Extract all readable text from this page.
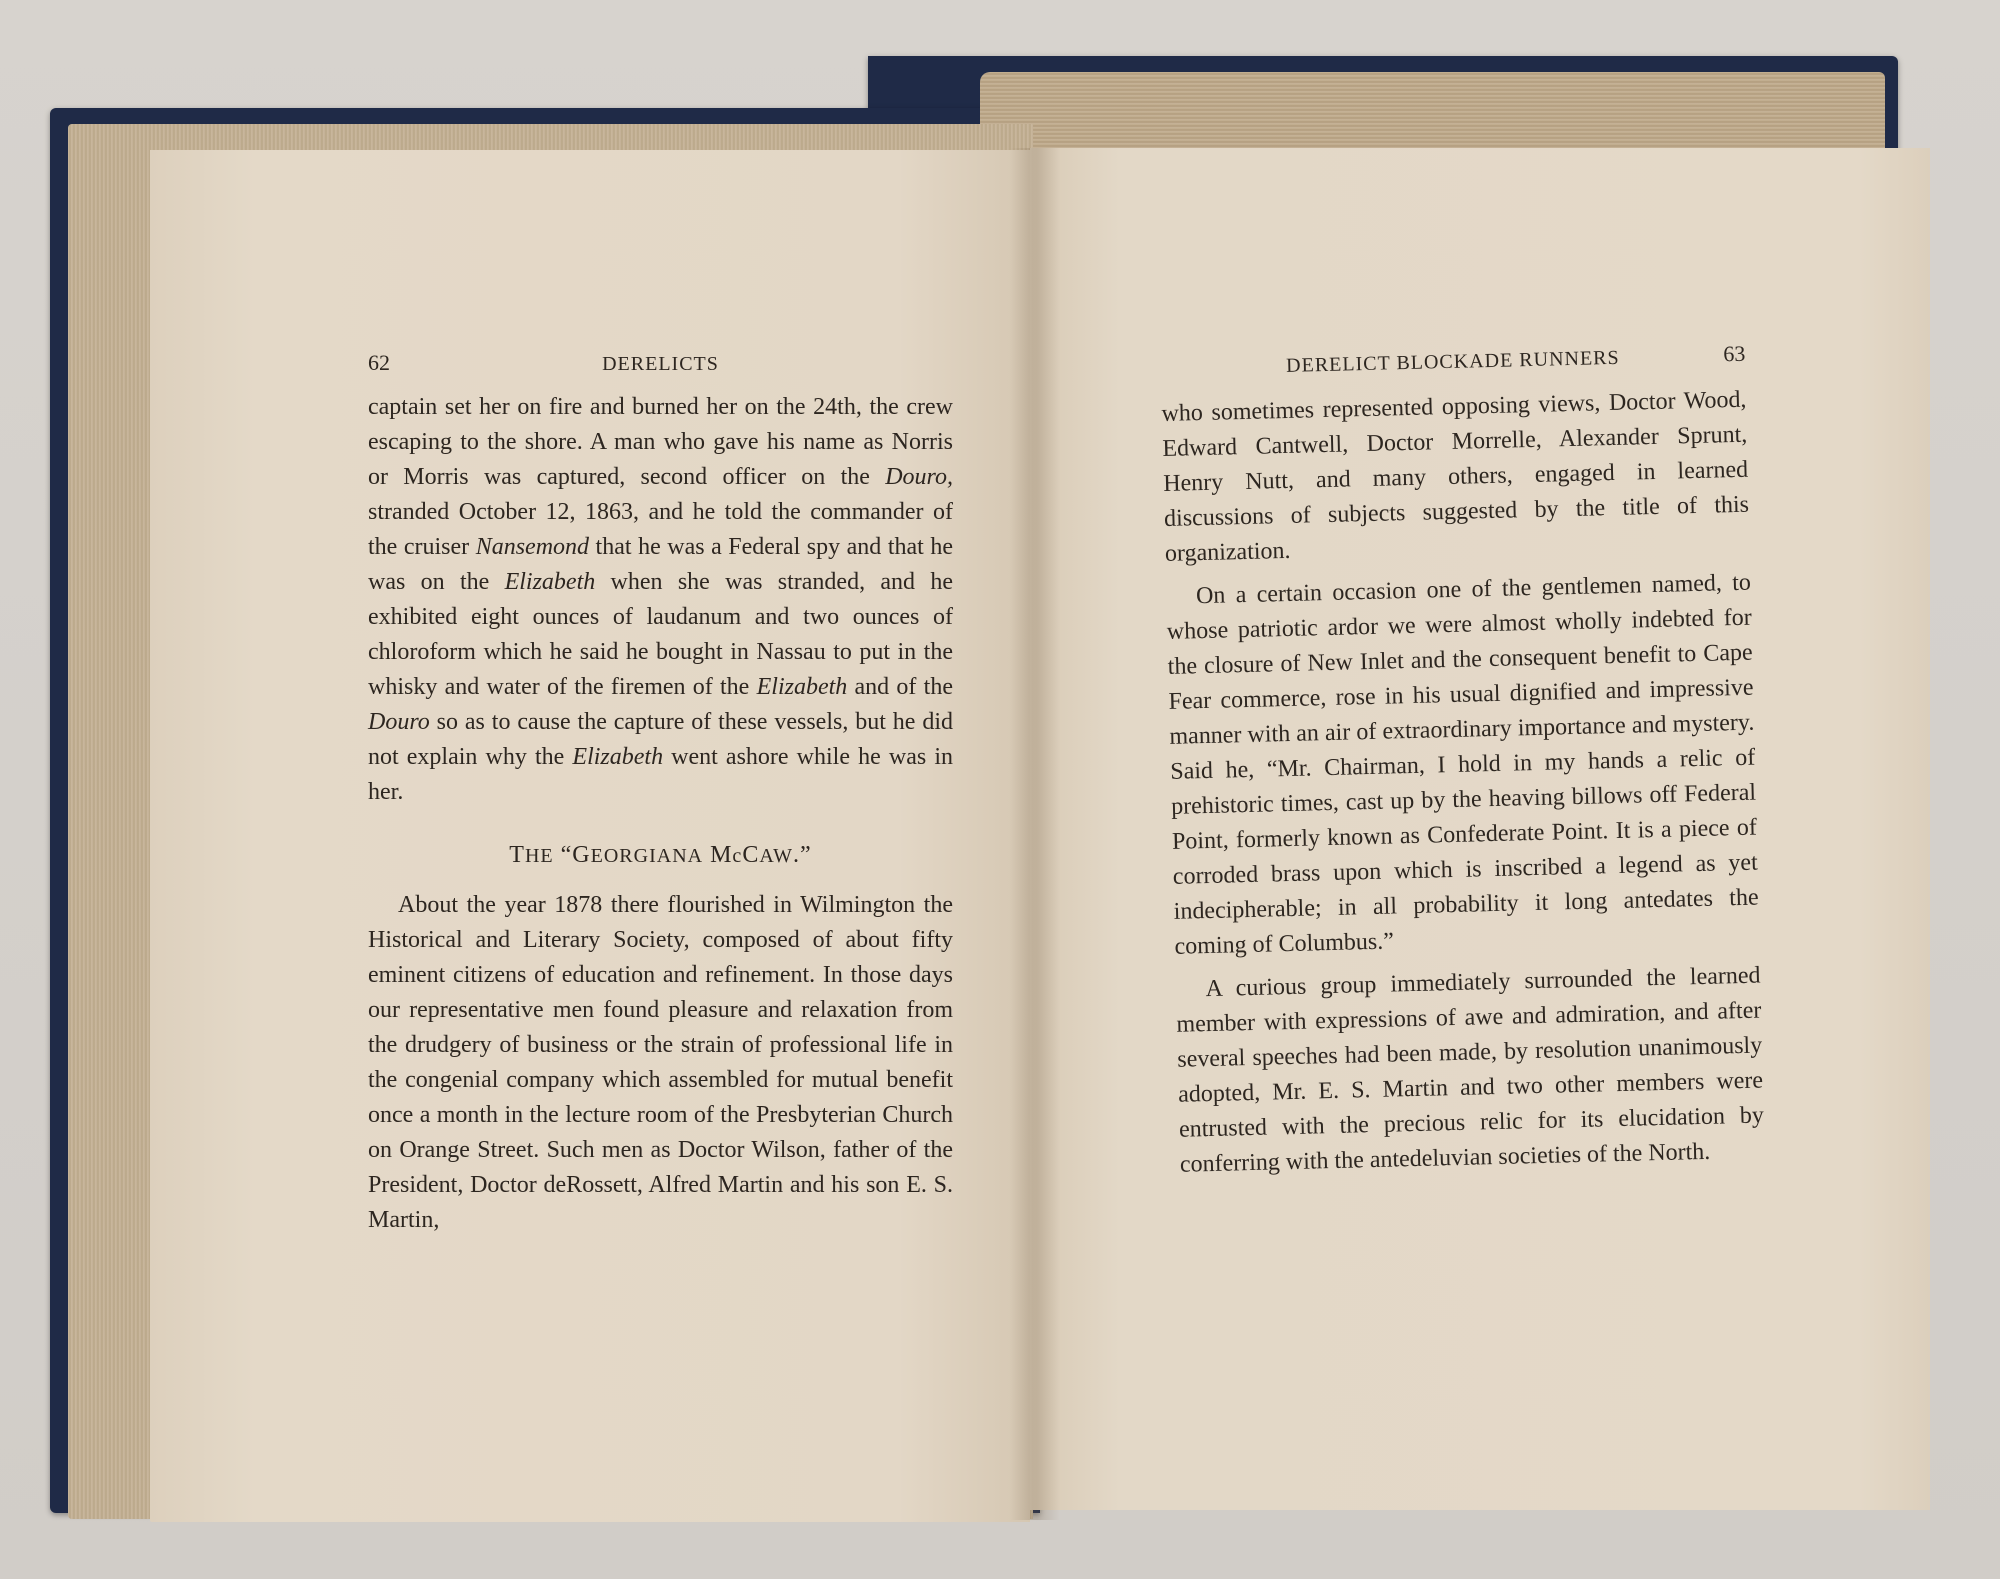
62	DERELICTS

captain set her on fire and burned her on the 24th, the crew escaping to the shore. A man who gave his name as Norris or Morris was captured, second officer on the Douro, stranded October 12, 1863, and he told the commander of the cruiser Nansemond that he was a Federal spy and that he was on the Elizabeth when she was stranded, and he exhibited eight ounces of laudanum and two ounces of chloroform which he said he bought in Nassau to put in the whisky and water of the firemen of the Elizabeth and of the Douro so as to cause the capture of these vessels, but he did not explain why the Elizabeth went ashore while he was in her.

THE “GEORGIANA McCAW.”

About the year 1878 there flourished in Wilmington the Historical and Literary Society, composed of about fifty eminent citizens of education and refinement. In those days our representative men found pleasure and relaxation from the drudgery of business or the strain of professional life in the congenial company which assembled for mutual benefit once a month in the lecture room of the Presbyterian Church on Orange Street. Such men as Doctor Wilson, father of the President, Doctor deRossett, Alfred Martin and his son E. S. Martin,

DERELICT BLOCKADE RUNNERS	63

who sometimes represented opposing views, Doctor Wood, Edward Cantwell, Doctor Morrelle, Alexander Sprunt, Henry Nutt, and many others, engaged in learned discussions of subjects suggested by the title of this organization.

On a certain occasion one of the gentlemen named, to whose patriotic ardor we were almost wholly indebted for the closure of New Inlet and the consequent benefit to Cape Fear commerce, rose in his usual dignified and impressive manner with an air of extraordinary importance and mystery. Said he, “Mr. Chairman, I hold in my hands a relic of prehistoric times, cast up by the heaving billows off Federal Point, formerly known as Confederate Point. It is a piece of corroded brass upon which is inscribed a legend as yet indecipherable; in all probability it long antedates the coming of Columbus.”

A curious group immediately surrounded the learned member with expressions of awe and admiration, and after several speeches had been made, by resolution unanimously adopted, Mr. E. S. Martin and two other members were entrusted with the precious relic for its elucidation by conferring with the antedeluvian societies of the North.
